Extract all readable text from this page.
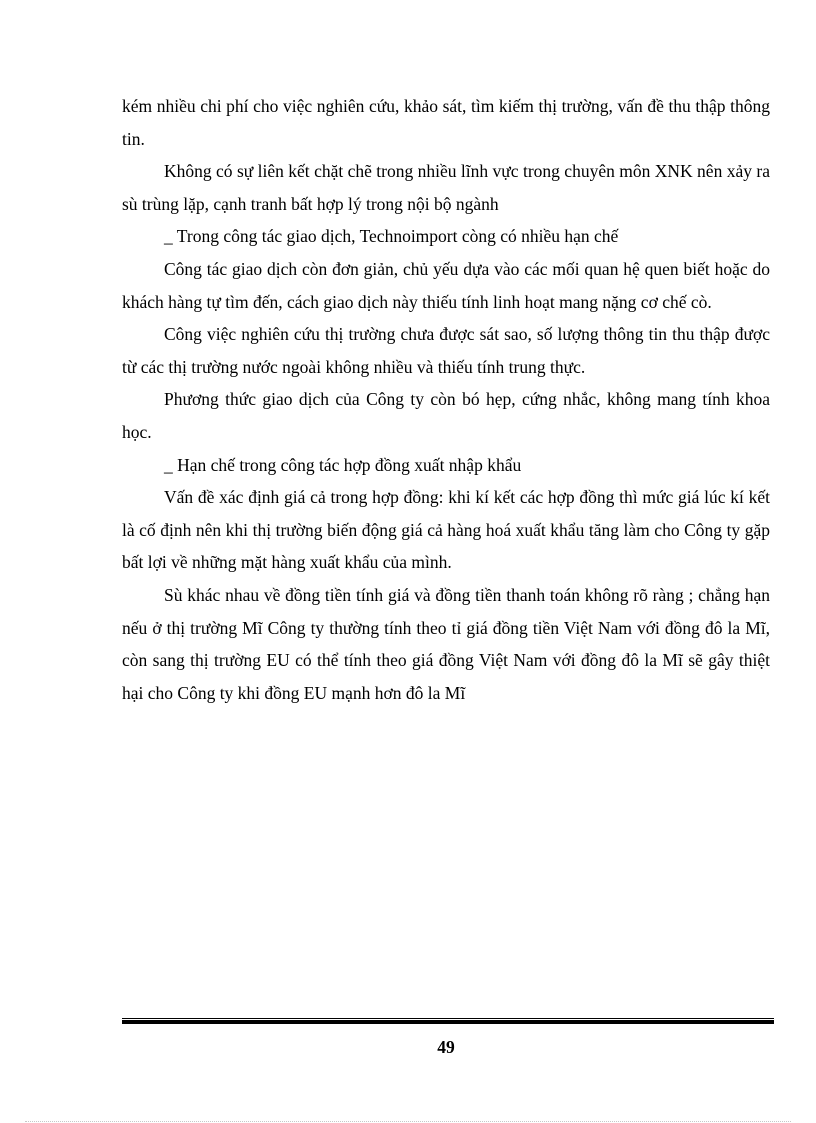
kém nhiều chi phí cho việc nghiên cứu, khảo sát, tìm kiếm thị trường, vấn đề thu thập thông tin.

Không có sự liên kết chặt chẽ trong nhiều lĩnh vực trong chuyên môn XNK nên xảy ra sù trùng lặp, cạnh tranh bất hợp lý trong nội bộ ngành

_ Trong công tác giao dịch, Technoimport còng có nhiều hạn chế

Công tác giao dịch còn đơn giản, chủ yếu dựa vào các mối quan hệ quen biết hoặc do khách hàng tự tìm đến, cách giao dịch này thiếu tính linh hoạt mang nặng cơ chế cò.

Công việc nghiên cứu thị trường chưa được sát sao, số lượng thông tin thu thập được từ các thị trường nước ngoài không nhiều và thiếu tính trung thực.

Phương thức giao dịch của Công ty còn bó hẹp, cứng nhắc, không mang tính khoa học.

_ Hạn chế trong công tác hợp đồng xuất nhập khẩu

Vấn đề xác định giá cả trong hợp đồng: khi kí kết các hợp đồng thì mức giá lúc kí kết là cố định nên khi thị trường biến động giá cả hàng hoá xuất khẩu tăng làm cho Công ty gặp bất lợi về những mặt hàng xuất khẩu của mình.

Sù khác nhau về đồng tiền tính giá và đồng tiền thanh toán không rõ ràng ; chẳng hạn nếu ở thị trường Mĩ Công ty thường tính theo tỉ giá đồng tiền Việt Nam với đồng đô la Mĩ, còn sang thị trường EU có thể tính theo giá đồng Việt Nam với đồng đô la Mĩ sẽ gây thiệt hại cho Công ty khi đồng EU mạnh hơn đô la Mĩ

49
